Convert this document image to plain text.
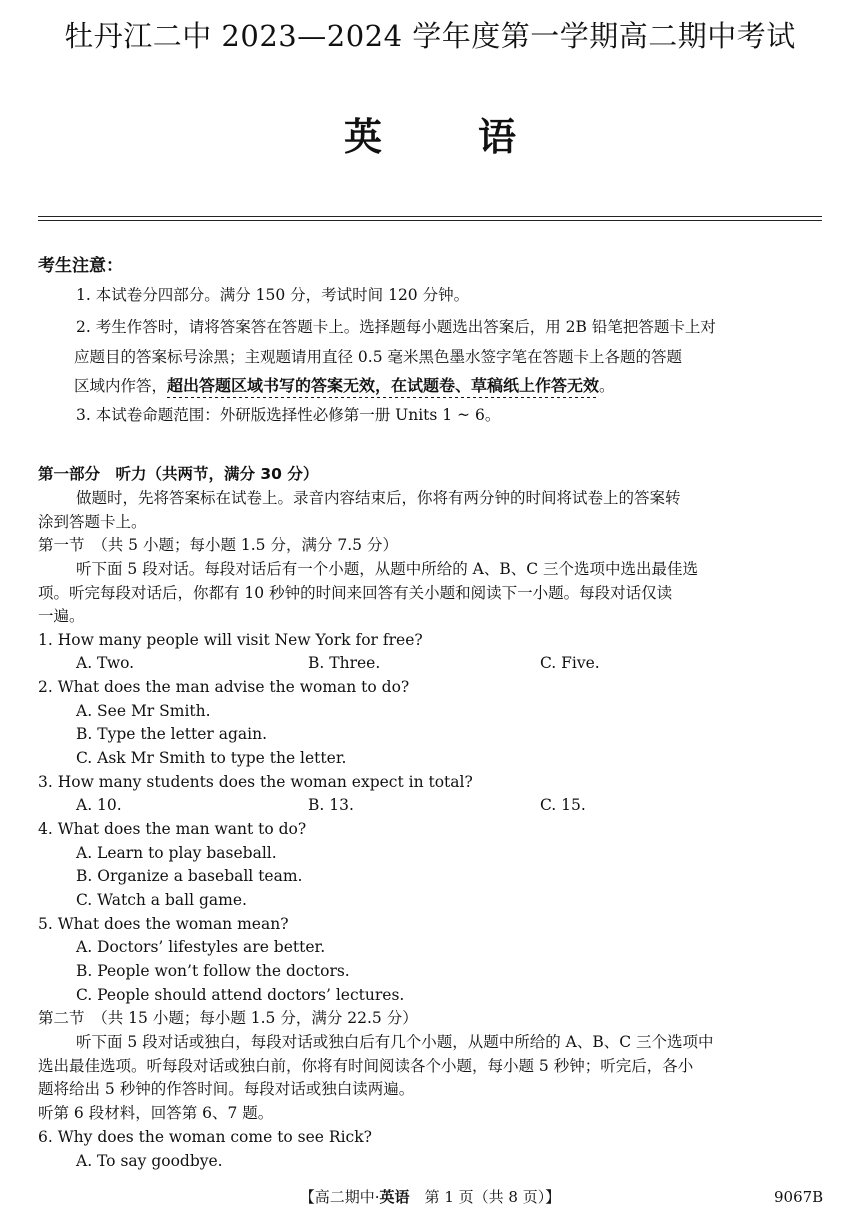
牡丹江二中 2023—2024 学年度第一学期高二期中考试
英语
考生注意：
1. 本试卷分四部分。满分 150 分，考试时间 120 分钟。
2. 考生作答时，请将答案答在答题卡上。选择题每小题选出答案后，用 2B 铅笔把答题卡上对
应题目的答案标号涂黑；主观题请用直径 0.5 毫米黑色墨水签字笔在答题卡上各题的答题
区域内作答，超出答题区域书写的答案无效，在试题卷、草稿纸上作答无效。
3. 本试卷命题范围：外研版选择性必修第一册 Units 1 ~ 6。
第一部分　听力（共两节，满分 30 分）
做题时，先将答案标在试卷上。录音内容结束后，你将有两分钟的时间将试卷上的答案转
涂到答题卡上。
第一节　（共 5 小题；每小题 1.5 分，满分 7.5 分）
听下面 5 段对话。每段对话后有一个小题，从题中所给的 A、B、C 三个选项中选出最佳选
项。听完每段对话后，你都有 10 秒钟的时间来回答有关小题和阅读下一小题。每段对话仅读
一遍。
1. How many people will visit New York for free?
A. Two.	B. Three.	C. Five.
2. What does the man advise the woman to do?
A. See Mr Smith.
B. Type the letter again.
C. Ask Mr Smith to type the letter.
3. How many students does the woman expect in total?
A. 10.	B. 13.	C. 15.
4. What does the man want to do?
A. Learn to play baseball.
B. Organize a baseball team.
C. Watch a ball game.
5. What does the woman mean?
A. Doctors’ lifestyles are better.
B. People won’t follow the doctors.
C. People should attend doctors’ lectures.
第二节　（共 15 小题；每小题 1.5 分，满分 22.5 分）
听下面 5 段对话或独白，每段对话或独白后有几个小题，从题中所给的 A、B、C 三个选项中
选出最佳选项。听每段对话或独白前，你将有时间阅读各个小题，每小题 5 秒钟；听完后，各小
题将给出 5 秒钟的作答时间。每段对话或独白读两遍。
听第 6 段材料，回答第 6、7 题。
6. Why does the woman come to see Rick?
A. To say goodbye.
【高二期中·英语　第 1 页（共 8 页）】	9067B
